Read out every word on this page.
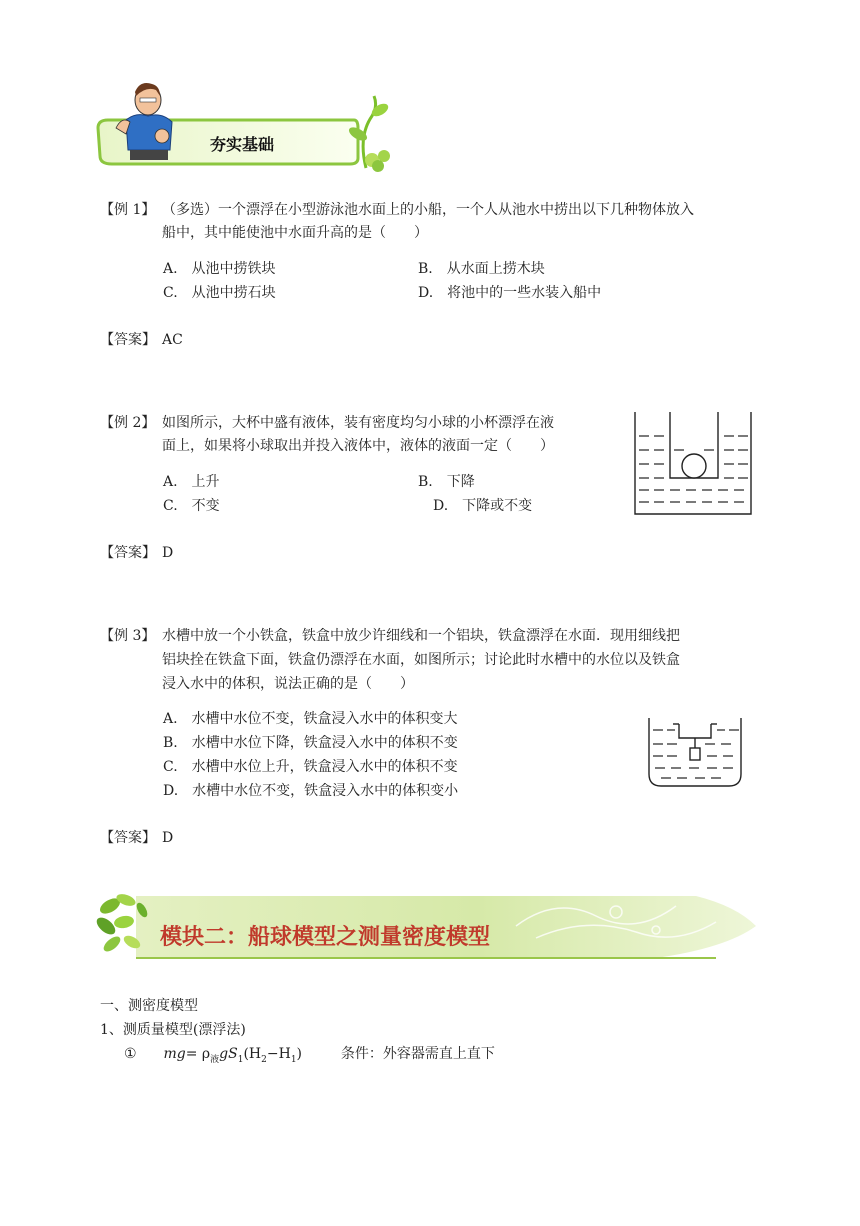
夯实基础
【例 1】 （多选）一个漂浮在小型游泳池水面上的小船，一个人从池水中捞出以下几种物体放入
船中，其中能使池中水面升高的是（　　）
A.　从池中捞铁块	B.　从水面上捞木块
C.　从池中捞石块	D.　将池中的一些水装入船中
【答案】 AC
【例 2】 如图所示，大杯中盛有液体，装有密度均匀小球的小杯漂浮在液
面上，如果将小球取出并投入液体中，液体的液面一定（　　）
A.　上升	B.　下降
C.　不变	D.　下降或不变
【答案】 D
【例 3】 水槽中放一个小铁盒，铁盒中放少许细线和一个铝块，铁盒漂浮在水面．现用细线把
铝块拴在铁盒下面，铁盒仍漂浮在水面，如图所示；讨论此时水槽中的水位以及铁盒
浸入水中的体积，说法正确的是（　　）
A.　水槽中水位不变，铁盒浸入水中的体积变大
B.　水槽中水位下降，铁盒浸入水中的体积不变
C.　水槽中水位上升，铁盒浸入水中的体积不变
D.　水槽中水位不变，铁盒浸入水中的体积变小
【答案】 D
模块二：船球模型之测量密度模型
一、测密度模型
1、测质量模型(漂浮法)
① $mg= \rho_液gS_1(H_2-H_1)$	条件：外容器需直上直下
